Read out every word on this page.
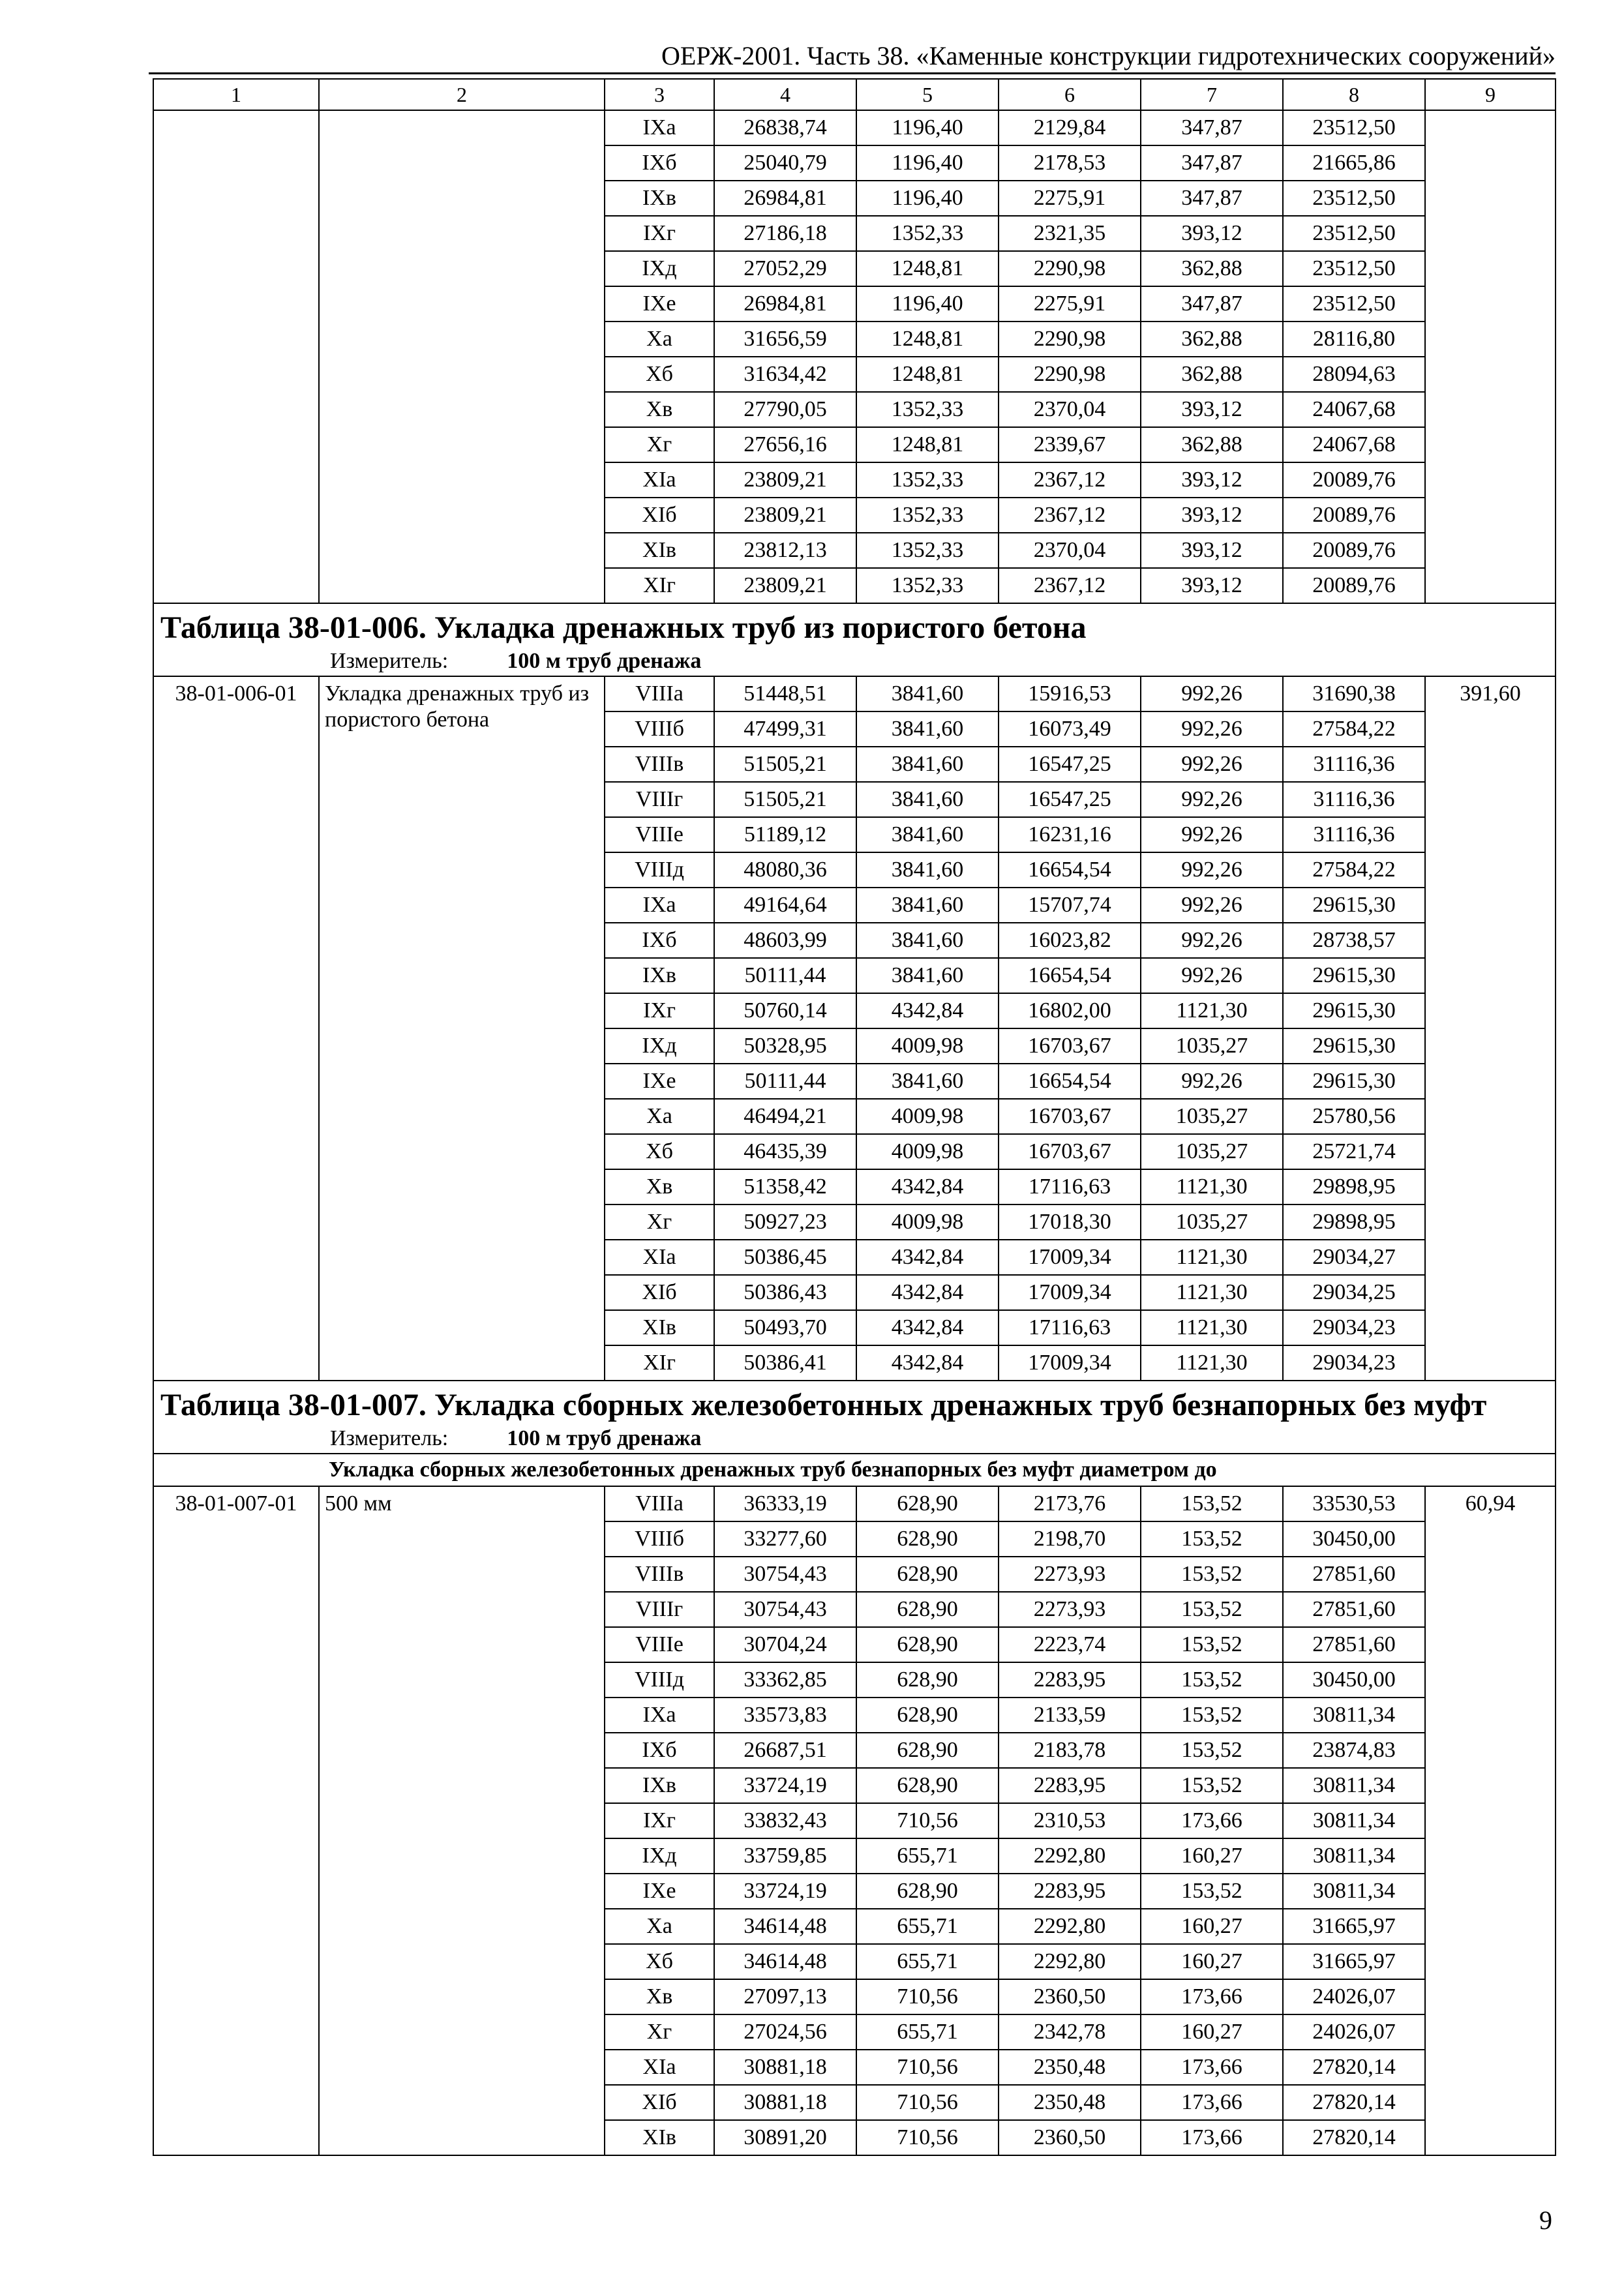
ОЕРЖ-2001. Часть 38. «Каменные конструкции гидротехнических сооружений»
1	2	3	4	5	6	7	8	9
		IXа	26838,74	1196,40	2129,84	347,87	23512,50	
		IXб	25040,79	1196,40	2178,53	347,87	21665,86	
		IXв	26984,81	1196,40	2275,91	347,87	23512,50	
		IXг	27186,18	1352,33	2321,35	393,12	23512,50	
		IXд	27052,29	1248,81	2290,98	362,88	23512,50	
		IXе	26984,81	1196,40	2275,91	347,87	23512,50	
		Xа	31656,59	1248,81	2290,98	362,88	28116,80	
		Xб	31634,42	1248,81	2290,98	362,88	28094,63	
		Xв	27790,05	1352,33	2370,04	393,12	24067,68	
		Xг	27656,16	1248,81	2339,67	362,88	24067,68	
		XIа	23809,21	1352,33	2367,12	393,12	20089,76	
		XIб	23809,21	1352,33	2367,12	393,12	20089,76	
		XIв	23812,13	1352,33	2370,04	393,12	20089,76	
		XIг	23809,21	1352,33	2367,12	393,12	20089,76	

Таблица 38-01-006. Укладка дренажных труб из пористого бетона
Измеритель: 100 м труб дренажа								

38-01-006-01	Укладка дренажных труб из пористого бетона	VIIIа	51448,51	3841,60	15916,53	992,26	31690,38	391,60
		VIIIб	47499,31	3841,60	16073,49	992,26	27584,22	
		VIIIв	51505,21	3841,60	16547,25	992,26	31116,36	
		VIIIг	51505,21	3841,60	16547,25	992,26	31116,36	
		VIIIе	51189,12	3841,60	16231,16	992,26	31116,36	
		VIIIд	48080,36	3841,60	16654,54	992,26	27584,22	
		IXа	49164,64	3841,60	15707,74	992,26	29615,30	
		IXб	48603,99	3841,60	16023,82	992,26	28738,57	
		IXв	50111,44	3841,60	16654,54	992,26	29615,30	
		IXг	50760,14	4342,84	16802,00	1121,30	29615,30	
		IXд	50328,95	4009,98	16703,67	1035,27	29615,30	
		IXе	50111,44	3841,60	16654,54	992,26	29615,30	
		Xа	46494,21	4009,98	16703,67	1035,27	25780,56	
		Xб	46435,39	4009,98	16703,67	1035,27	25721,74	
		Xв	51358,42	4342,84	17116,63	1121,30	29898,95	
		Xг	50927,23	4009,98	17018,30	1035,27	29898,95	
		XIа	50386,45	4342,84	17009,34	1121,30	29034,27	
		XIб	50386,43	4342,84	17009,34	1121,30	29034,25	
		XIв	50493,70	4342,84	17116,63	1121,30	29034,23	
		XIг	50386,41	4342,84	17009,34	1121,30	29034,23	

Таблица 38-01-007. Укладка сборных железобетонных дренажных труб безнапорных без муфт
Измеритель: 100 м труб дренажа								

Укладка сборных железобетонных дренажных труб безнапорных без муфт диаметром до								
38-01-007-01	500 мм	VIIIа	36333,19	628,90	2173,76	153,52	33530,53	60,94
		VIIIб	33277,60	628,90	2198,70	153,52	30450,00	
		VIIIв	30754,43	628,90	2273,93	153,52	27851,60	
		VIIIг	30754,43	628,90	2273,93	153,52	27851,60	
		VIIIе	30704,24	628,90	2223,74	153,52	27851,60	
		VIIIд	33362,85	628,90	2283,95	153,52	30450,00	
		IXа	33573,83	628,90	2133,59	153,52	30811,34	
		IXб	26687,51	628,90	2183,78	153,52	23874,83	
		IXв	33724,19	628,90	2283,95	153,52	30811,34	
		IXг	33832,43	710,56	2310,53	173,66	30811,34	
		IXд	33759,85	655,71	2292,80	160,27	30811,34	
		IXе	33724,19	628,90	2283,95	153,52	30811,34	
		Xа	34614,48	655,71	2292,80	160,27	31665,97	
		Xб	34614,48	655,71	2292,80	160,27	31665,97	
		Xв	27097,13	710,56	2360,50	173,66	24026,07	
		Xг	27024,56	655,71	2342,78	160,27	24026,07	
		XIа	30881,18	710,56	2350,48	173,66	27820,14	
		XIб	30881,18	710,56	2350,48	173,66	27820,14	
		XIв	30891,20	710,56	2360,50	173,66	27820,14	
9
